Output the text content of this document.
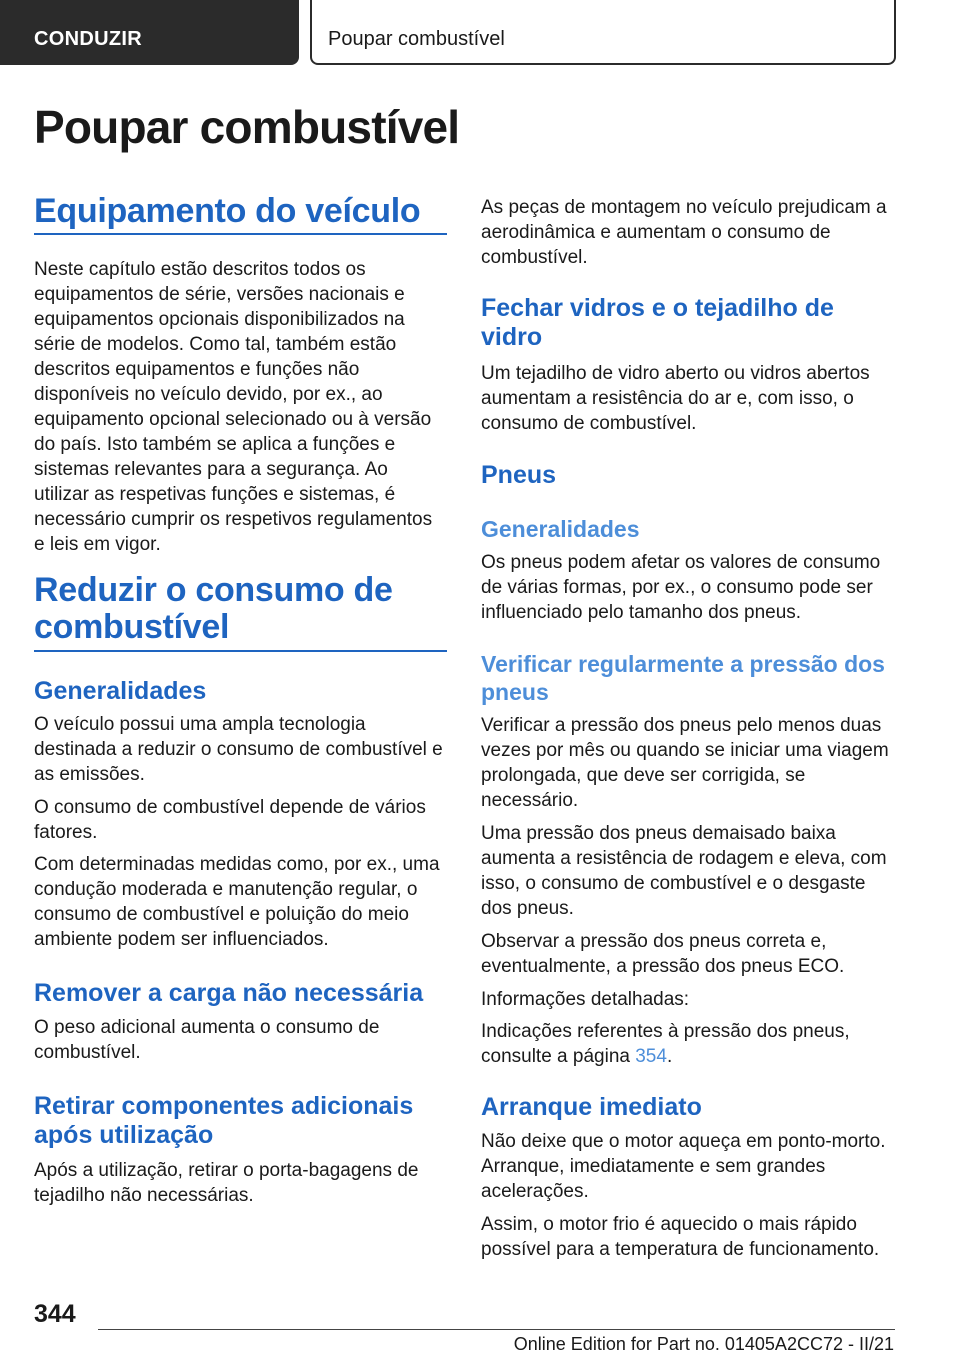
CONDUZIR	Poupar combustível
Poupar combustível
Equipamento do veículo

Neste capítulo estão descritos todos os equipamentos de série, versões nacionais e equipamentos opcionais disponibilizados na série de modelos. Como tal, também estão descritos equipamentos e funções não disponíveis no veículo devido, por ex., ao equipamento opcional selecionado ou à versão do país. Isto também se aplica a funções e sistemas relevantes para a segurança. Ao utilizar as respetivas funções e sistemas, é necessário cumprir os respetivos regulamentos e leis em vigor.

Reduzir o consumo de combustível
Generalidades

O veículo possui uma ampla tecnologia destinada a reduzir o consumo de combustível e as emissões.

O consumo de combustível depende de vários fatores.

Com determinadas medidas como, por ex., uma condução moderada e manutenção regular, o consumo de combustível e poluição do meio ambiente podem ser influenciados.

Remover a carga não necessária

O peso adicional aumenta o consumo de combustível.

Retirar componentes adicionais após utilização

Após a utilização, retirar o porta-bagagens de tejadilho não necessárias.

As peças de montagem no veículo prejudicam a aerodinâmica e aumentam o consumo de combustível.

Fechar vidros e o tejadilho de vidro

Um tejadilho de vidro aberto ou vidros abertos aumentam a resistência do ar e, com isso, o consumo de combustível.

Pneus
Generalidades

Os pneus podem afetar os valores de consumo de várias formas, por ex., o consumo pode ser influenciado pelo tamanho dos pneus.

Verificar regularmente a pressão dos pneus

Verificar a pressão dos pneus pelo menos duas vezes por mês ou quando se iniciar uma viagem prolongada, que deve ser corrigida, se necessário.

Uma pressão dos pneus demaisado baixa aumenta a resistência de rodagem e eleva, com isso, o consumo de combustível e o desgaste dos pneus.

Observar a pressão dos pneus correta e, eventualmente, a pressão dos pneus ECO.

Informações detalhadas:

Indicações referentes à pressão dos pneus, consulte a página 354.

Arranque imediato

Não deixe que o motor aqueça em ponto-morto. Arranque, imediatamente e sem grandes acelerações.

Assim, o motor frio é aquecido o mais rápido possível para a temperatura de funcionamento.

344
Online Edition for Part no. 01405A2CC72 - II/21
